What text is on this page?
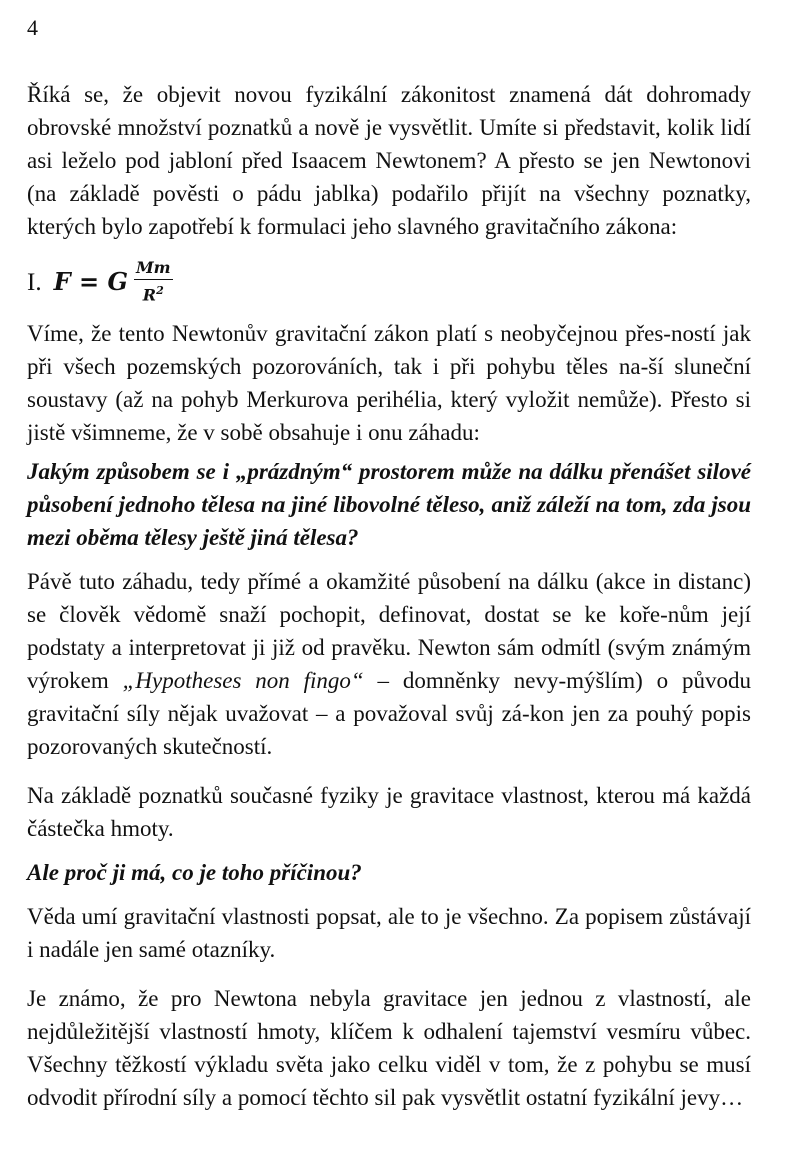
4

Říká se, že objevit novou fyzikální zákonitost znamená dát dohromady obrovské množství poznatků a nově je vysvětlit. Umíte si představit, kolik lidí asi leželo pod jabloní před Isaacem Newtonem? A přesto se jen Newtonovi (na základě pověsti o pádu jablka) podařilo přijít na všechny poznatky, kterých bylo zapotřebí k formulaci jeho slavného gravitačního zákona:

I. F = G $\frac{Mm}{R^2}$

Víme, že tento Newtonův gravitační zákon platí s neobyčejnou přes-ností jak při všech pozemských pozorováních, tak i při pohybu těles na-ší sluneční soustavy (až na pohyb Merkurova perihélia, který vyložit nemůže). Přesto si jistě všimneme, že v sobě obsahuje i onu záhadu:

Jakým způsobem se i „prázdným“ prostorem může na dálku přenášet silové působení jednoho tělesa na jiné libovolné těleso, aniž záleží na tom, zda jsou mezi oběma tělesy ještě jiná tělesa?

Pávě tuto záhadu, tedy přímé a okamžité působení na dálku (akce in distanc) se člověk vědomě snaží pochopit, definovat, dostat se ke koře-nům její podstaty a interpretovat ji již od pravěku. Newton sám odmítl (svým známým výrokem „Hypotheses non fingo“ – domněnky nevy-mýšlím) o původu gravitační síly nějak uvažovat – a považoval svůj zá-kon jen za pouhý popis pozorovaných skutečností.

Na základě poznatků současné fyziky je gravitace vlastnost, kterou má každá částečka hmoty.

Ale proč ji má, co je toho příčinou?

Věda umí gravitační vlastnosti popsat, ale to je všechno. Za popisem zůstávají i nadále jen samé otazníky.

Je známo, že pro Newtona nebyla gravitace jen jednou z vlastností, ale nejdůležitější vlastností hmoty, klíčem k odhalení tajemství vesmíru vůbec. Všechny těžkostí výkladu světa jako celku viděl v tom, že z pohybu se musí odvodit přírodní síly a pomocí těchto sil pak vysvětlit ostatní fyzikální jevy…
